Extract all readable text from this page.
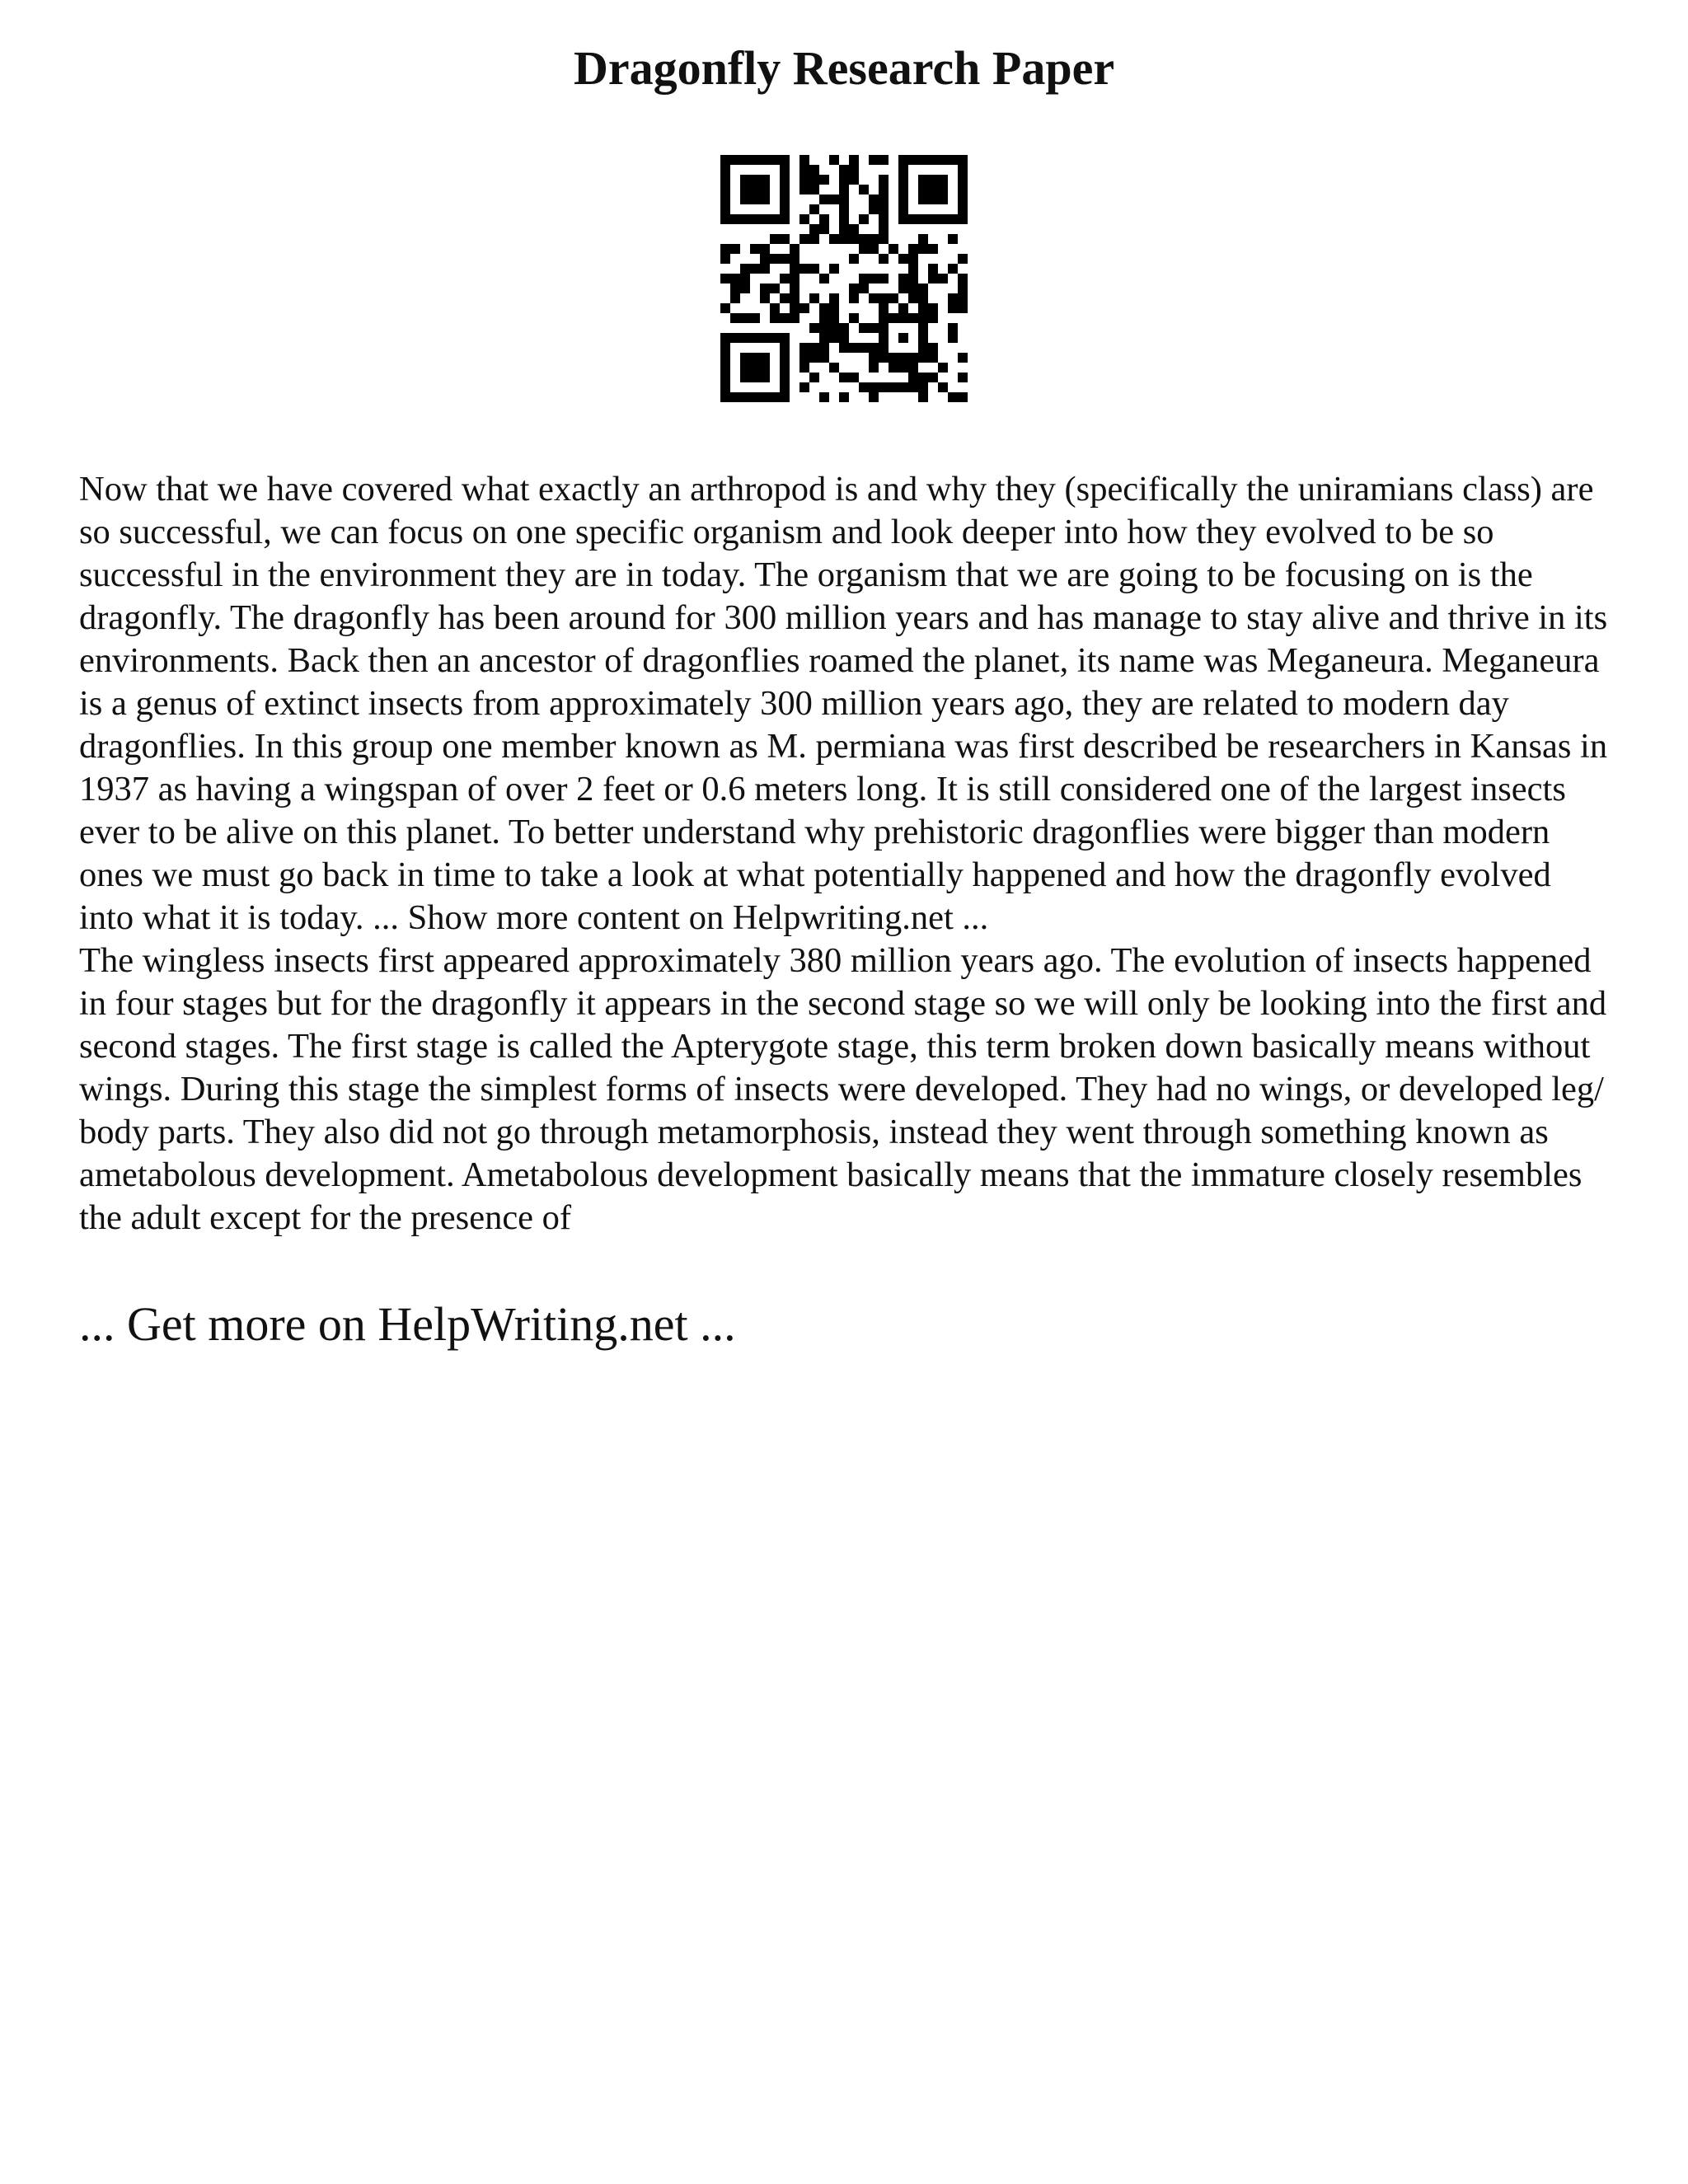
Dragonfly Research Paper

Now that we have covered what exactly an arthropod is and why they (specifically the uniramians class) are so successful, we can focus on one specific organism and look deeper into how they evolved to be so successful in the environment they are in today. The organism that we are going to be focusing on is the dragonfly. The dragonfly has been around for 300 million years and has manage to stay alive and thrive in its environments. Back then an ancestor of dragonflies roamed the planet, its name was Meganeura. Meganeura is a genus of extinct insects from approximately 300 million years ago, they are related to modern day dragonflies. In this group one member known as M. permiana was first described be researchers in Kansas in 1937 as having a wingspan of over 2 feet or 0.6 meters long. It is still considered one of the largest insects ever to be alive on this planet. To better understand why prehistoric dragonflies were bigger than modern ones we must go back in time to take a look at what potentially happened and how the dragonfly evolved into what it is today. ... Show more content on Helpwriting.net ...

The wingless insects first appeared approximately 380 million years ago. The evolution of insects happened in four stages but for the dragonfly it appears in the second stage so we will only be looking into the first and second stages. The first stage is called the Apterygote stage, this term broken down basically means without wings. During this stage the simplest forms of insects were developed. They had no wings, or developed leg/ body parts. They also did not go through metamorphosis, instead they went through something known as ametabolous development. Ametabolous development basically means that the immature closely resembles the adult except for the presence of

... Get more on HelpWriting.net ...
